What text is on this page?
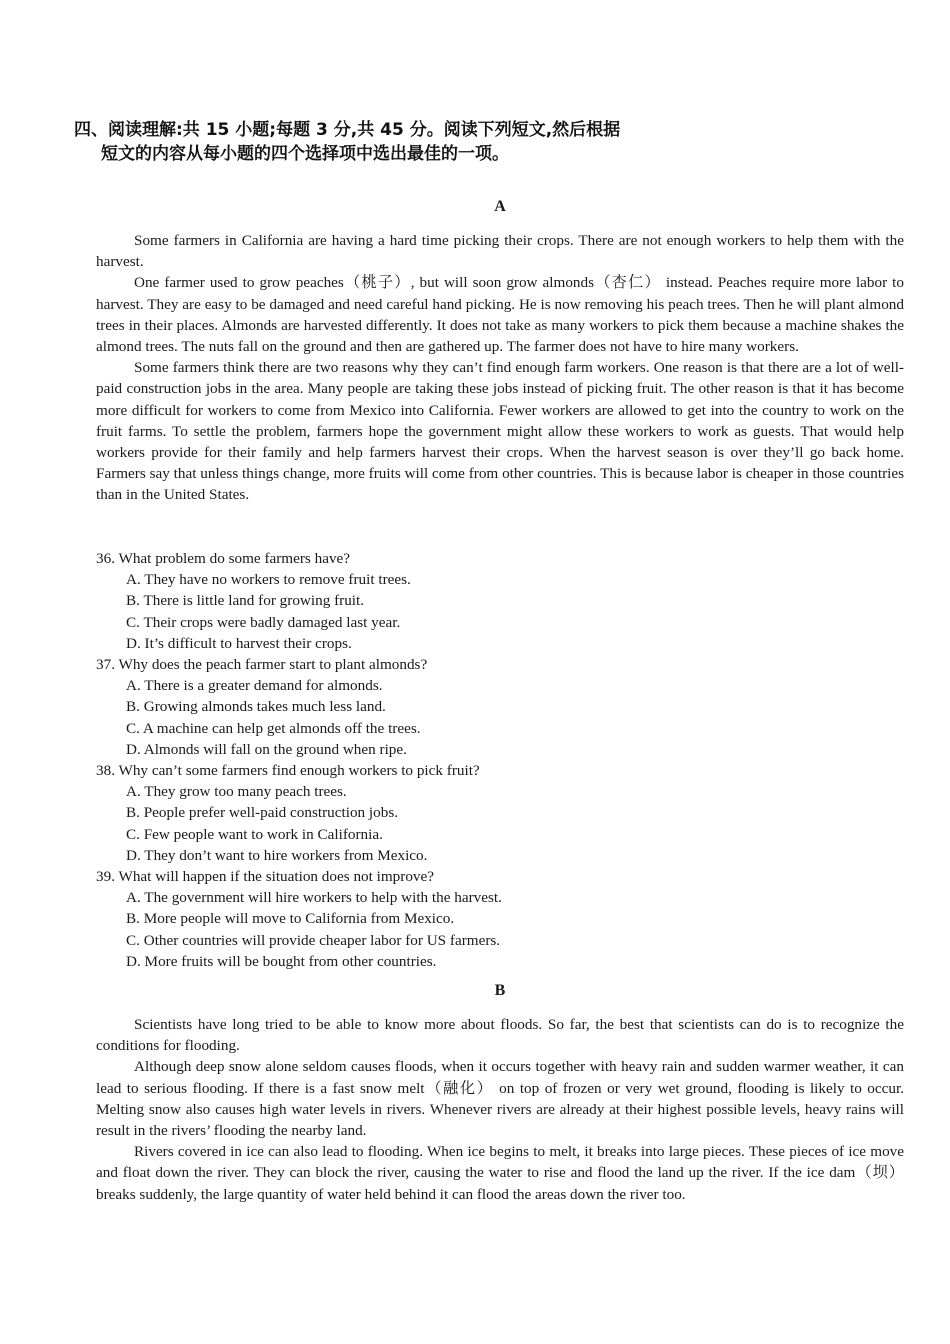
四、阅读理解:共 15 小题;每题 3 分,共 45 分。阅读下列短文,然后根据
短文的内容从每小题的四个选择项中选出最佳的一项。
A

Some farmers in California are having a hard time picking their crops. There are not enough workers to help them with the harvest.

One farmer used to grow peaches（桃子）, but will soon grow almonds（杏仁） instead. Peaches require more labor to harvest. They are easy to be damaged and need careful hand picking. He is now removing his peach trees. Then he will plant almond trees in their places. Almonds are harvested differently. It does not take as many workers to pick them because a machine shakes the almond trees. The nuts fall on the ground and then are gathered up. The farmer does not have to hire many workers.

Some farmers think there are two reasons why they can’t find enough farm workers. One reason is that there are a lot of well-paid construction jobs in the area. Many people are taking these jobs instead of picking fruit. The other reason is that it has become more difficult for workers to come from Mexico into California. Fewer workers are allowed to get into the country to work on the fruit farms. To settle the problem, farmers hope the government might allow these workers to work as guests. That would help workers provide for their family and help farmers harvest their crops. When the harvest season is over they’ll go back home. Farmers say that unless things change, more fruits will come from other countries. This is because labor is cheaper in those countries than in the United States.

36. What problem do some farmers have?

A. They have no workers to remove fruit trees.

B. There is little land for growing fruit.

C. Their crops were badly damaged last year.

D. It’s difficult to harvest their crops.

37. Why does the peach farmer start to plant almonds?

A. There is a greater demand for almonds.

B. Growing almonds takes much less land.

C. A machine can help get almonds off the trees.

D. Almonds will fall on the ground when ripe.

38. Why can’t some farmers find enough workers to pick fruit?

A. They grow too many peach trees.

B. People prefer well-paid construction jobs.

C. Few people want to work in California.

D. They don’t want to hire workers from Mexico.

39. What will happen if the situation does not improve?

A. The government will hire workers to help with the harvest.

B. More people will move to California from Mexico.

C. Other countries will provide cheaper labor for US farmers.

D. More fruits will be bought from other countries.

B

Scientists have long tried to be able to know more about floods. So far, the best that scientists can do is to recognize the conditions for flooding.

Although deep snow alone seldom causes floods, when it occurs together with heavy rain and sudden warmer weather, it can lead to serious flooding. If there is a fast snow melt（融化） on top of frozen or very wet ground, flooding is likely to occur. Melting snow also causes high water levels in rivers. Whenever rivers are already at their highest possible levels, heavy rains will result in the rivers’ flooding the nearby land.

Rivers covered in ice can also lead to flooding. When ice begins to melt, it breaks into large pieces. These pieces of ice move and float down the river. They can block the river, causing the water to rise and flood the land up the river. If the ice dam（坝） breaks suddenly, the large quantity of water held behind it can flood the areas down the river too.
